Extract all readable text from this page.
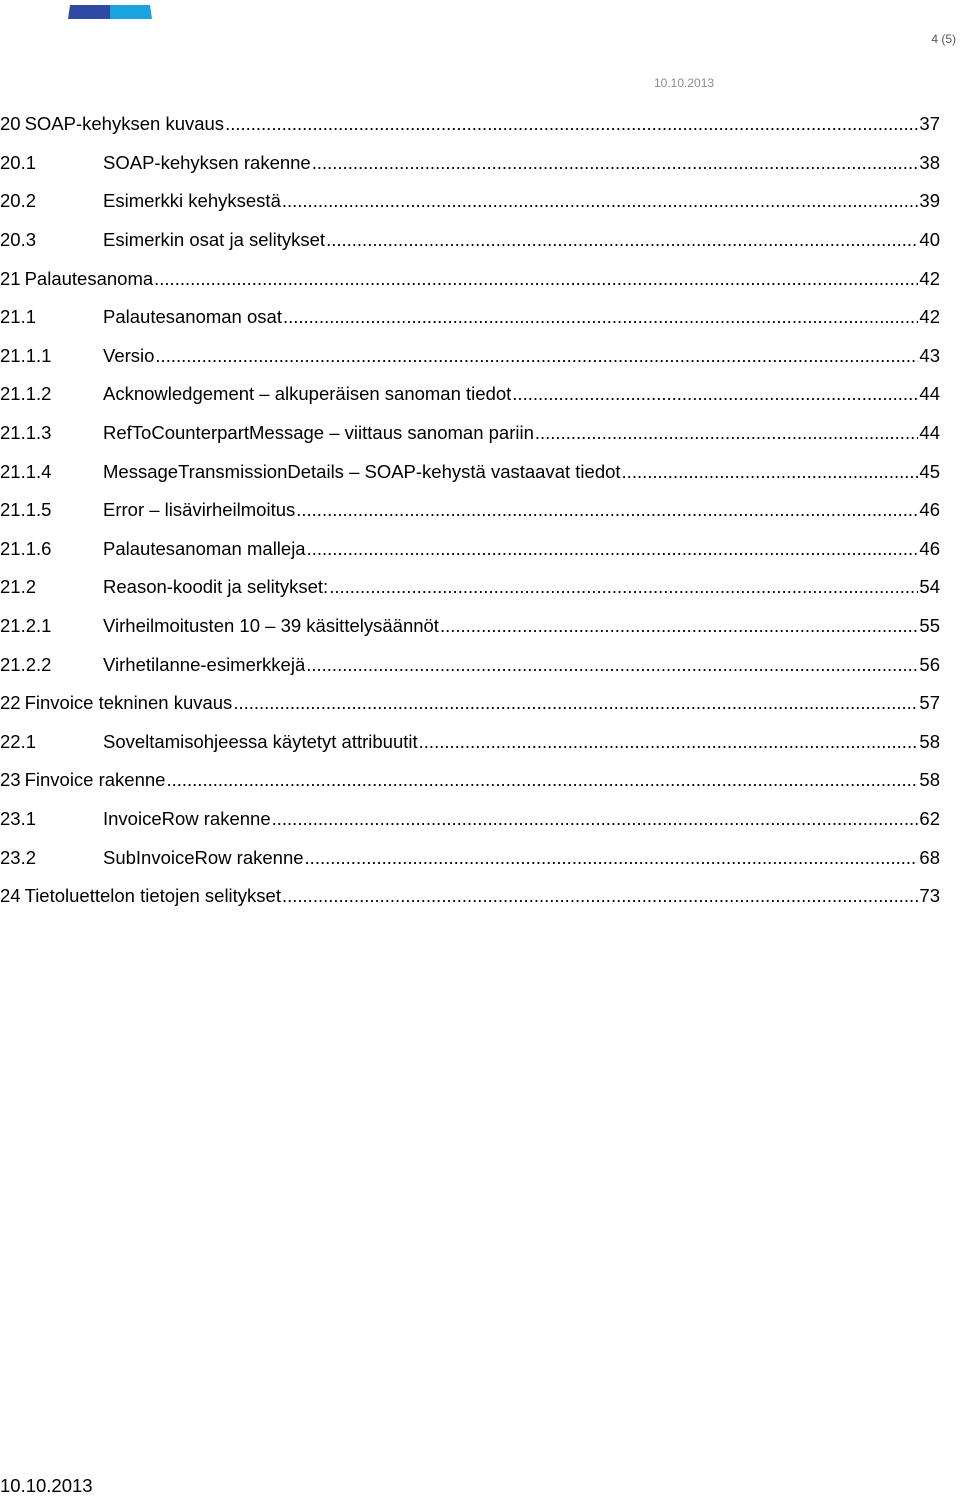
4 (5)
10.10.2013
20 SOAP-kehyksen kuvaus .....	37
20.1	SOAP-kehyksen rakenne .....	38
20.2	Esimerkki kehyksestä .....	39
20.3	Esimerkin osat ja selitykset .....	40
21 Palautesanoma .....	42
21.1	Palautesanoman osat .....	42
21.1.1	Versio .....	43
21.1.2	Acknowledgement – alkuperäisen sanoman tiedot .....	44
21.1.3	RefToCounterpartMessage – viittaus sanoman pariin .....	44
21.1.4	MessageTransmissionDetails – SOAP-kehystä vastaavat tiedot .....	45
21.1.5	Error – lisävirheilmoitus .....	46
21.1.6	Palautesanoman malleja .....	46
21.2	Reason-koodit ja selitykset: .....	54
21.2.1	Virheilmoitusten 10 – 39 käsittelysäännöt .....	55
21.2.2	Virhetilanne-esimerkkejä .....	56
22 Finvoice tekninen kuvaus .....	57
22.1	Soveltamisohjeessa käytetyt attribuutit .....	58
23 Finvoice rakenne .....	58
23.1	InvoiceRow rakenne .....	62
23.2	SubInvoiceRow rakenne .....	68
24 Tietoluettelon tietojen selitykset .....	73
10.10.2013
